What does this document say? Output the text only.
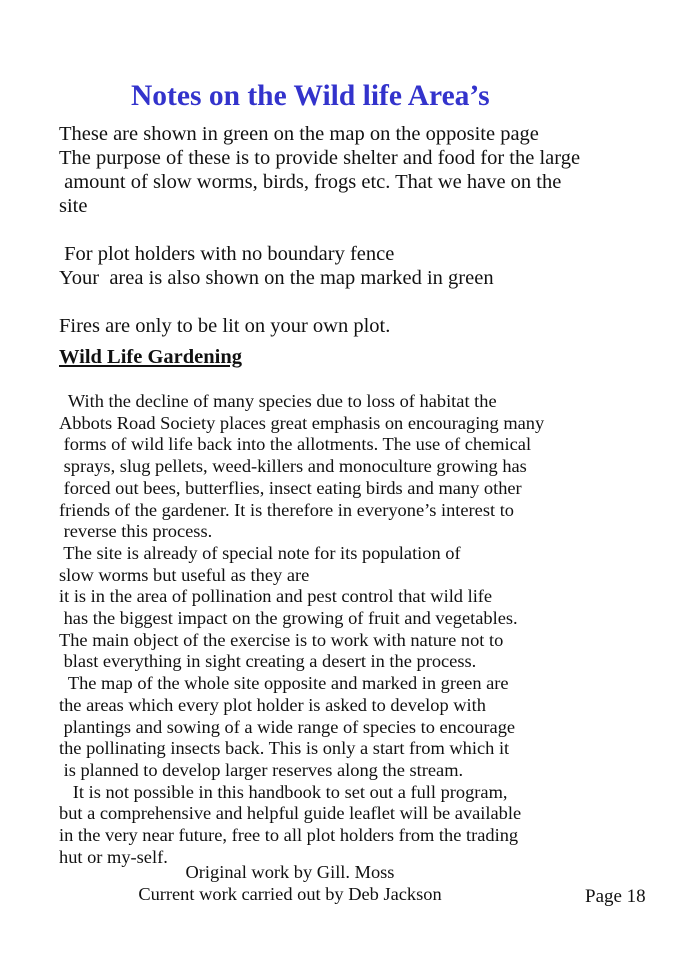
Notes on the Wild life Area’s
These are shown in green on the map on the opposite page
The purpose of these is to provide shelter and food for the large
amount of slow worms, birds, frogs etc. That we have on the
site
For plot holders with no boundary fence
Your  area is also shown on the map marked in green
Fires are only to be lit on your own plot.
Wild Life Gardening
With the decline of many species due to loss of habitat the
Abbots Road Society places great emphasis on encouraging many
forms of wild life back into the allotments. The use of chemical
sprays, slug pellets, weed-killers and monoculture growing has
forced out bees, butterflies, insect eating birds and many other
friends of the gardener. It is therefore in everyone’s interest to
reverse this process.
The site is already of special note for its population of
slow worms but useful as they are
it is in the area of pollination and pest control that wild life
has the biggest impact on the growing of fruit and vegetables.
The main object of the exercise is to work with nature not to
blast everything in sight creating a desert in the process.
The map of the whole site opposite and marked in green are
the areas which every plot holder is asked to develop with
plantings and sowing of a wide range of species to encourage
the pollinating insects back. This is only a start from which it
is planned to develop larger reserves along the stream.
It is not possible in this handbook to set out a full program,
but a comprehensive and helpful guide leaflet will be available
in the very near future, free to all plot holders from the trading
hut or my-self.
Original work by Gill. Moss
Current work carried out by Deb Jackson	Page 18
